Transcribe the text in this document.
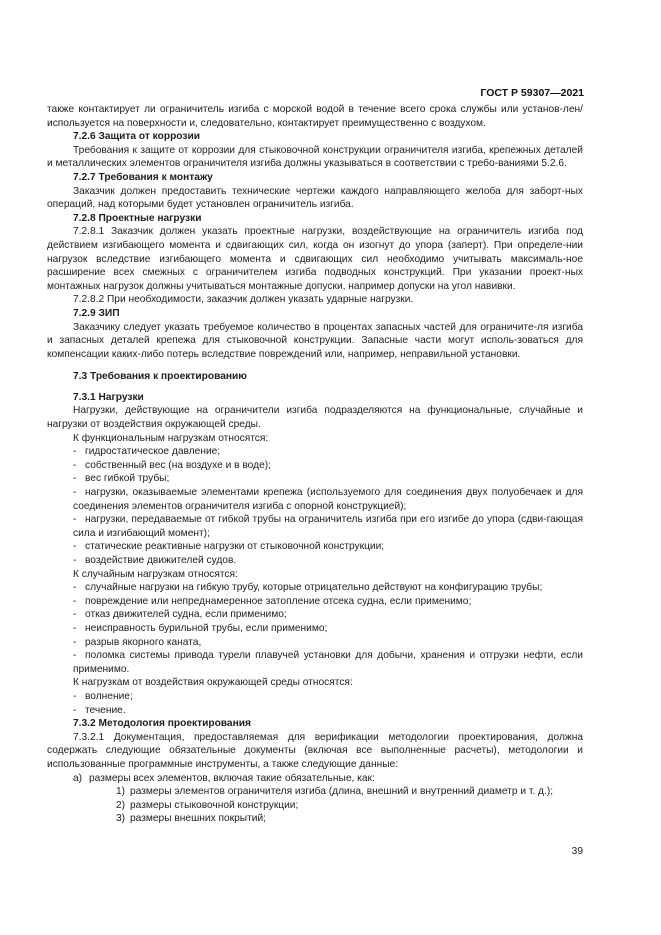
ГОСТ Р 59307—2021

также контактирует ли ограничитель изгиба с морской водой в течение всего срока службы или установ-лен/используется на поверхности и, следовательно, контактирует преимущественно с воздухом.

7.2.6 Защита от коррозии

Требования к защите от коррозии для стыковочной конструкции ограничителя изгиба, крепежных деталей и металлических элементов ограничителя изгиба должны указываться в соответствии с требо-ваниями 5.2.6.

7.2.7 Требования к монтажу

Заказчик должен предоставить технические чертежи каждого направляющего желоба для заборт-ных операций, над которыми будет установлен ограничитель изгиба.

7.2.8 Проектные нагрузки

7.2.8.1 Заказчик должен указать проектные нагрузки, воздействующие на ограничитель изгиба под действием изгибающего момента и сдвигающих сил, когда он изогнут до упора (заперт). При определе-нии нагрузок вследствие изгибающего момента и сдвигающих сил необходимо учитывать максималь-ное расширение всех смежных с ограничителем изгиба подводных конструкций. При указании проект-ных монтажных нагрузок должны учитываться монтажные допуски, например допуски на угол навивки.

7.2.8.2 При необходимости, заказчик должен указать ударные нагрузки.

7.2.9 ЗИП

Заказчику следует указать требуемое количество в процентах запасных частей для ограничите-ля изгиба и запасных деталей крепежа для стыковочной конструкции. Запасные части могут исполь-зоваться для компенсации каких-либо потерь вследствие повреждений или, например, неправильной установки.

7.3 Требования к проектированию

7.3.1 Нагрузки

Нагрузки, действующие на ограничители изгиба подразделяются на функциональные, случайные и нагрузки от воздействия окружающей среды.

К функциональным нагрузкам относятся:

- гидростатическое давление;

- собственный вес (на воздухе и в воде);

- вес гибкой трубы;

- нагрузки, оказываемые элементами крепежа (используемого для соединения двух полуобечаек и для соединения элементов ограничителя изгиба с опорной конструкцией);

- нагрузки, передаваемые от гибкой трубы на ограничитель изгиба при его изгибе до упора (сдви-гающая сила и изгибающий момент);

- статические реактивные нагрузки от стыковочной конструкции;

- воздействие движителей судов.

К случайным нагрузкам относятся:

- случайные нагрузки на гибкую трубу, которые отрицательно действуют на конфигурацию трубы;

- повреждение или непреднамеренное затопление отсека судна, если применимо;

- отказ движителей судна, если применимо;

- неисправность бурильной трубы, если применимо;

- разрыв якорного каната,

- поломка системы привода турели плавучей установки для добычи, хранения и отгрузки нефти, если применимо.

К нагрузкам от воздействия окружающей среды относятся:

- волнение;

- течение.

7.3.2 Методология проектирования

7.3.2.1 Документация, предоставляемая для верификации методологии проектирования, должна содержать следующие обязательные документы (включая все выполненные расчеты), методологии и использованные программные инструменты, а также следующие данные:

а) размеры всех элементов, включая такие обязательные, как:

1) размеры элементов ограничителя изгиба (длина, внешний и внутренний диаметр и т. д.);

2) размеры стыковочной конструкции;

3) размеры внешних покрытий;

39
